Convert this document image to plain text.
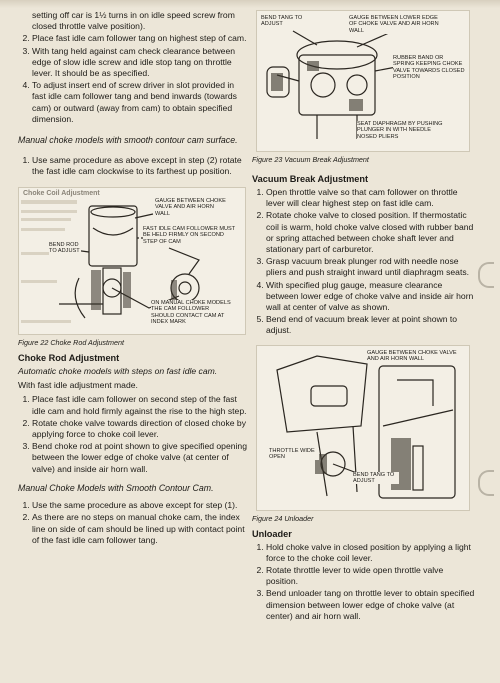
setting off car is 1½ turns in on idle speed screw from closed throttle valve position).
2. Place fast idle cam follower tang on highest step of cam.
3. With tang held against cam check clearance between edge of slow idle screw and idle stop tang on throttle lever. It should be as specified.
4. To adjust insert end of screw driver in slot provided in fast idle cam follower tang and bend inwards (towards cam) or outward (away from cam) to obtain specified dimension.
Manual choke models with smooth contour cam surface.
1. Use same procedure as above except in step (2) rotate the fast idle cam clockwise to its farthest up position.
Choke Coil Adjustment
GAUGE BETWEEN CHOKE VALVE AND AIR HORN WALL
FAST IDLE CAM FOLLOWER MUST BE HELD FIRMLY ON SECOND STEP OF CAM
BEND ROD TO ADJUST
ON MANUAL CHOKE MODELS THE CAM FOLLOWER SHOULD CONTACT CAM AT INDEX MARK
Figure 22 Choke Rod Adjustment
Choke Rod Adjustment

Automatic choke models with steps on fast idle cam.

With fast idle adjustment made.

1. Place fast idle cam follower on second step of the fast idle cam and hold firmly against the rise to the high step.
2. Rotate choke valve towards direction of closed choke by applying force to choke coil lever.
3. Bend choke rod at point shown to give specified opening between the lower edge of choke valve (at center of valve) and inside air horn wall.
Manual Choke Models with Smooth Contour Cam.
1. Use the same procedure as above except for step (1).
2. As there are no steps on manual choke cam, the index line on side of cam should be lined up with contact point of the fast idle cam follower tang.
BEND TANG TO ADJUST
GAUGE BETWEEN LOWER EDGE OF CHOKE VALVE AND AIR HORN WALL
RUBBER BAND OR SPRING KEEPING CHOKE VALVE TOWARDS CLOSED POSITION
SEAT DIAPHRAGM BY PUSHING PLUNGER IN WITH NEEDLE NOSED PLIERS
Figure 23 Vacuum Break Adjustment
Vacuum Break Adjustment
1. Open throttle valve so that cam follower on throttle lever will clear highest step on fast idle cam.
2. Rotate choke valve to closed position. If thermostatic coil is warm, hold choke valve closed with rubber band or spring attached between choke shaft lever and stationary part of carburetor.
3. Grasp vacuum break plunger rod with needle nose pliers and push straight inward until diaphragm seats.
4. With specified plug gauge, measure clearance between lower edge of choke valve and inside air horn wall at center of valve as shown.
5. Bend end of vacuum break lever at point shown to adjust.
GAUGE BETWEEN CHOKE VALVE AND AIR HORN WALL
THROTTLE WIDE OPEN
BEND TANG TO ADJUST
Figure 24 Unloader
Unloader
1. Hold choke valve in closed position by applying a light force to the choke coil lever.
2. Rotate throttle lever to wide open throttle valve position.
3. Bend unloader tang on throttle lever to obtain specified dimension between lower edge of choke valve (at center) and air horn wall.
